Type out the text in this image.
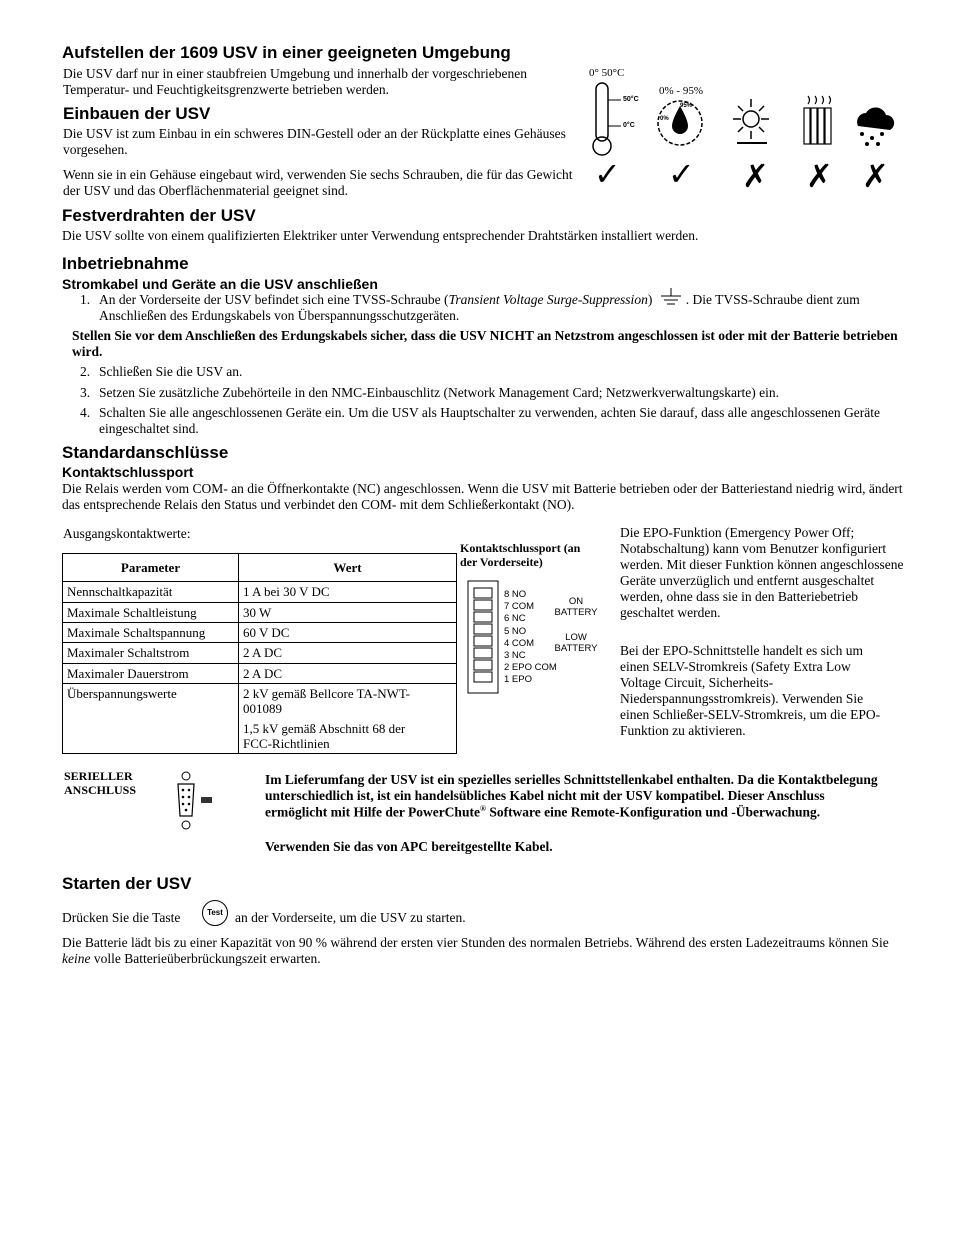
Aufstellen der 1609 USV in einer geeigneten Umgebung
Die USV darf nur in einer staubfreien Umgebung und innerhalb der vorgeschriebenen Temperatur- und Feuchtigkeitsgrenzwerte betrieben werden.
Einbauen der USV
Die USV ist zum Einbau in ein schweres DIN-Gestell oder an der Rückplatte eines Gehäuses vorgesehen.
Wenn sie in ein Gehäuse eingebaut wird, verwenden Sie sechs Schrauben, die für das Gewicht der USV und das Oberflächenmaterial geeignet sind.
0° 50°C
50°C
0°C
0% - 95%
95%
0%
✓ ✓ ✗ ✗ ✗
Festverdrahten der USV
Die USV sollte von einem qualifizierten Elektriker unter Verwendung entsprechender Drahtstärken installiert werden.
Inbetriebnahme
Stromkabel und Geräte an die USV anschließen
1. An der Vorderseite der USV befindet sich eine TVSS-Schraube (Transient Voltage Surge-Suppression) . Die TVSS-Schraube dient zum Anschließen des Erdungskabels von Überspannungsschutzgeräten.
Stellen Sie vor dem Anschließen des Erdungskabels sicher, dass die USV NICHT an Netzstrom angeschlossen ist oder mit der Batterie betrieben wird.
2. Schließen Sie die USV an.
3. Setzen Sie zusätzliche Zubehörteile in den NMC-Einbauschlitz (Network Management Card; Netzwerkverwaltungskarte) ein.
4. Schalten Sie alle angeschlossenen Geräte ein. Um die USV als Hauptschalter zu verwenden, achten Sie darauf, dass alle angeschlossenen Geräte eingeschaltet sind.
Standardanschlüsse
Kontaktschlussport
Die Relais werden vom COM- an die Öffnerkontakte (NC) angeschlossen. Wenn die USV mit Batterie betrieben oder der Batteriestand niedrig wird, ändert das entsprechende Relais den Status und verbindet den COM- mit dem Schließerkontakt (NO).
Ausgangskontaktwerte:
Parameter	Wert
Nennschaltkapazität	1 A bei 30 V DC
Maximale Schaltleistung	30 W
Maximale Schaltspannung	60 V DC
Maximaler Schaltstrom	2 A DC
Maximaler Dauerstrom	2 A DC
Überspannungswerte	2 kV gemäß Bellcore TA-NWT-001089
1,5 kV gemäß Abschnitt 68 der FCC-Richtlinien
Kontaktschlussport (an der Vorderseite)
8 NO
7 COM
6 NC
5 NO
4 COM
3 NC
2 EPO COM
1 EPO
ON BATTERY
LOW BATTERY
Die EPO-Funktion (Emergency Power Off; Notabschaltung) kann vom Benutzer konfiguriert werden. Mit dieser Funktion können angeschlossene Geräte unverzüglich und entfernt ausgeschaltet werden, ohne dass sie in den Batteriebetrieb geschaltet werden.
Bei der EPO-Schnittstelle handelt es sich um einen SELV-Stromkreis (Safety Extra Low Voltage Circuit, Sicherheits-Niederspannungsstromkreis). Verwenden Sie einen Schließer-SELV-Stromkreis, um die EPO-Funktion zu aktivieren.
SERIELLER ANSCHLUSS
Im Lieferumfang der USV ist ein spezielles serielles Schnittstellenkabel enthalten. Da die Kontaktbelegung unterschiedlich ist, ist ein handelsübliches Kabel nicht mit der USV kompatibel. Dieser Anschluss ermöglicht mit Hilfe der PowerChute® Software eine Remote-Konfiguration und -Überwachung.
Verwenden Sie das von APC bereitgestellte Kabel.
Starten der USV
Drücken Sie die Taste	Test an der Vorderseite, um die USV zu starten.
Die Batterie lädt bis zu einer Kapazität von 90 % während der ersten vier Stunden des normalen Betriebs. Während des ersten Ladezeitraums können Sie keine volle Batterieüberbrückungszeit erwarten.
